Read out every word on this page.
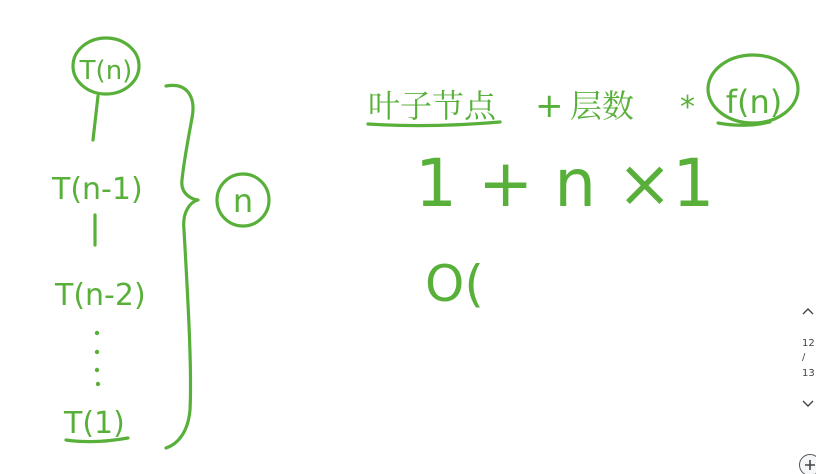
T(n)
T(n-1)
T(n-2)
T(1)
n
叶子节点 + 层数 * f(n)
1 + n ×1
O(
12
/
13
